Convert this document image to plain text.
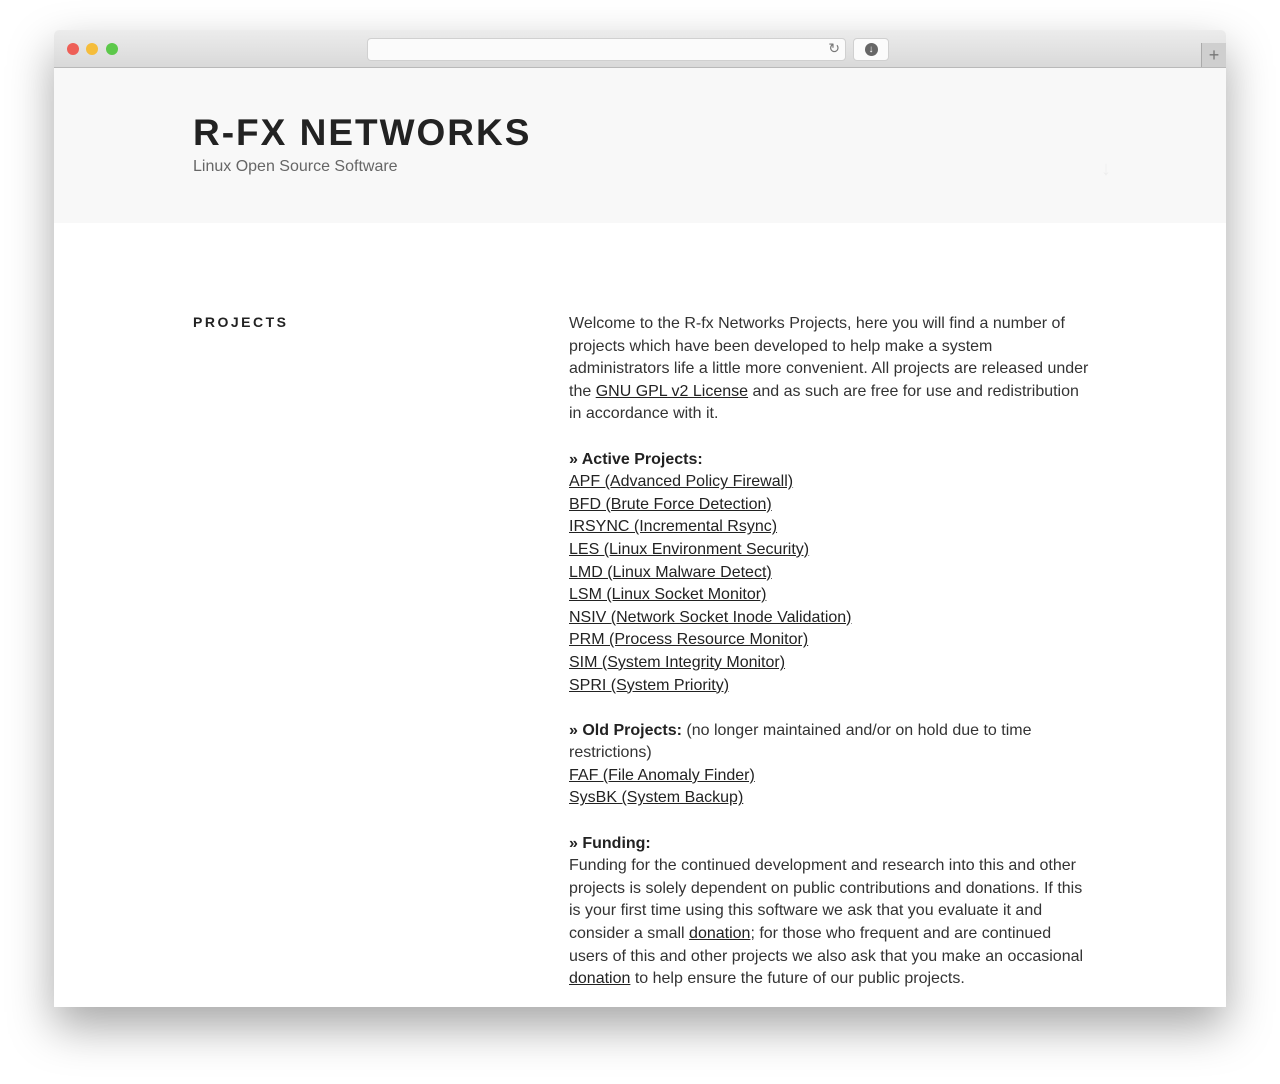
↻	↓	+
R-FX NETWORKS
Linux Open Source Software	↓
PROJECTS	Welcome to the R-fx Networks Projects, here you will find a number of projects which have been developed to help make a system administrators life a little more convenient. All projects are released under the GNU GPL v2 License and as such are free for use and redistribution in accordance with it.

» Active Projects:
APF (Advanced Policy Firewall)
BFD (Brute Force Detection)
IRSYNC (Incremental Rsync)
LES (Linux Environment Security)
LMD (Linux Malware Detect)
LSM (Linux Socket Monitor)
NSIV (Network Socket Inode Validation)
PRM (Process Resource Monitor)
SIM (System Integrity Monitor)
SPRI (System Priority)

» Old Projects: (no longer maintained and/or on hold due to time restrictions)
FAF (File Anomaly Finder)
SysBK (System Backup)

» Funding:
Funding for the continued development and research into this and other projects is solely dependent on public contributions and donations. If this is your first time using this software we ask that you evaluate it and consider a small donation; for those who frequent and are continued users of this and other projects we also ask that you make an occasional donation to help ensure the future of our public projects.
